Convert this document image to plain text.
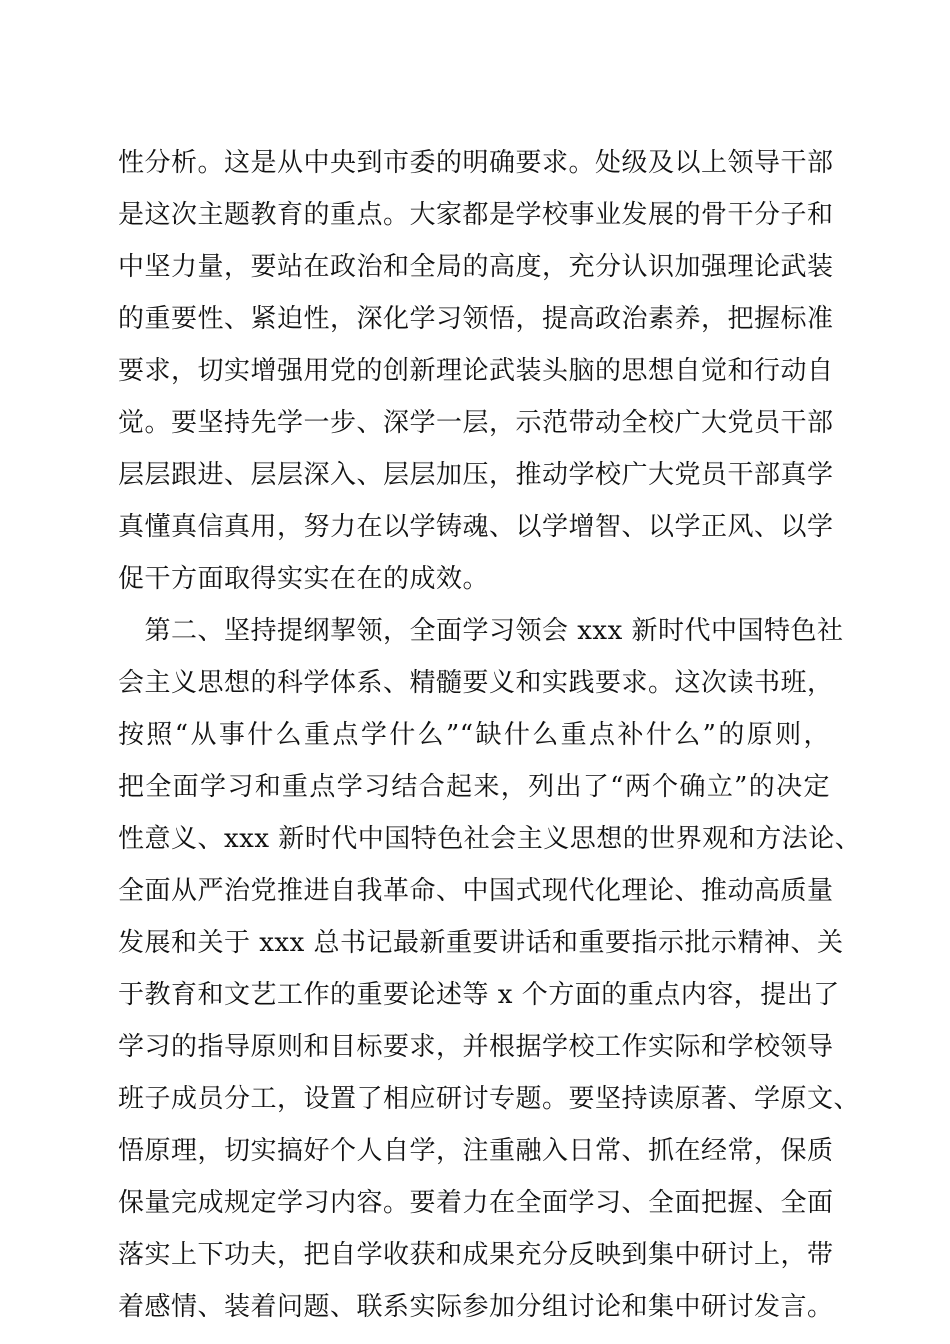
性分析。这是从中央到市委的明确要求。处级及以上领导干部
是这次主题教育的重点。大家都是学校事业发展的骨干分子和
中坚力量，要站在政治和全局的高度，充分认识加强理论武装
的重要性、紧迫性，深化学习领悟，提高政治素养，把握标准
要求，切实增强用党的创新理论武装头脑的思想自觉和行动自
觉。要坚持先学一步、深学一层，示范带动全校广大党员干部
层层跟进、层层深入、层层加压，推动学校广大党员干部真学
真懂真信真用，努力在以学铸魂、以学增智、以学正风、以学
促干方面取得实实在在的成效。
　第二、坚持提纲挈领，全面学习领会 xxx 新时代中国特色社
会主义思想的科学体系、精髓要义和实践要求。这次读书班，
按照“从事什么重点学什么”“缺什么重点补什么”的原则，
把全面学习和重点学习结合起来，列出了“两个确立”的决定
性意义、xxx 新时代中国特色社会主义思想的世界观和方法论、
全面从严治党推进自我革命、中国式现代化理论、推动高质量
发展和关于 xxx 总书记最新重要讲话和重要指示批示精神、关
于教育和文艺工作的重要论述等 x 个方面的重点内容，提出了
学习的指导原则和目标要求，并根据学校工作实际和学校领导
班子成员分工，设置了相应研讨专题。要坚持读原著、学原文、
悟原理，切实搞好个人自学，注重融入日常、抓在经常，保质
保量完成规定学习内容。要着力在全面学习、全面把握、全面
落实上下功夫，把自学收获和成果充分反映到集中研讨上，带
着感情、装着问题、联系实际参加分组讨论和集中研讨发言。
